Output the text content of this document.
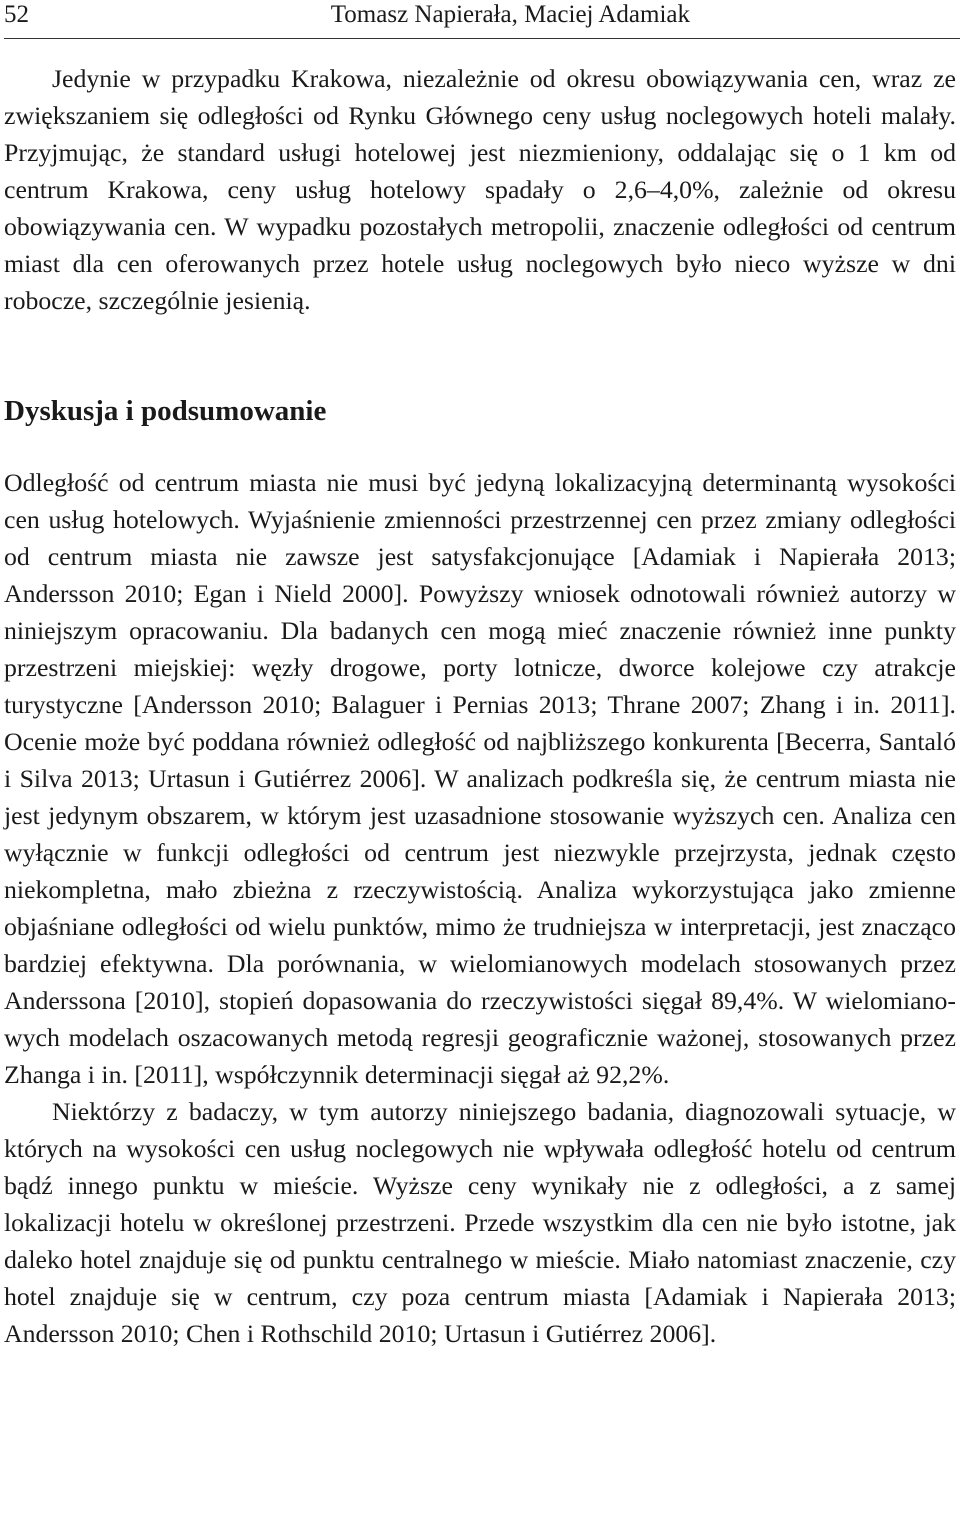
52	Tomasz Napierała, Maciej Adamiak

Jedynie w przypadku Krakowa, niezależnie od okresu obowiązywania cen, wraz ze zwiększaniem się odległości od Rynku Głównego ceny usług noclegowych hoteli malały. Przyjmując, że standard usługi hotelowej jest niezmieniony, oddalając się o 1 km od centrum Krakowa, ceny usług hotelowy spadały o 2,6–4,0%, zależnie od okresu obowiązywania cen. W wypadku pozostałych metropolii, znaczenie odległości od centrum miast dla cen oferowanych przez hotele usług noclegowych było nieco wyższe w dni robocze, szczególnie jesienią.

Dyskusja i podsumowanie

Odległość od centrum miasta nie musi być jedyną lokalizacyjną determinantą wysokości cen usług hotelowych. Wyjaśnienie zmienności przestrzennej cen przez zmiany odległości od centrum miasta nie zawsze jest satysfakcjonujące [Adamiak i Napierała 2013; Andersson 2010; Egan i Nield 2000]. Powyższy wniosek odnotowali również autorzy w niniejszym opracowaniu. Dla badanych cen mogą mieć znaczenie również inne punkty przestrzeni miejskiej: węzły drogowe, porty lotnicze, dworce kolejowe czy atrakcje turystyczne [Andersson 2010; Balaguer i Pernias 2013; Thrane 2007; Zhang i in. 2011]. Ocenie może być poddana również odległość od najbliższego konkurenta [Becerra, Santaló i Silva 2013; Urtasun i Gutiérrez 2006]. W analizach podkreśla się, że centrum miasta nie jest jedynym obszarem, w którym jest uzasadnione stosowanie wyższych cen. Analiza cen wyłącznie w funkcji odległości od centrum jest niezwykle przejrzysta, jednak często niekompletna, mało zbieżna z rzeczywistością. Analiza wykorzystująca jako zmienne objaśniane odległości od wielu punktów, mimo że trudniejsza w interpretacji, jest znacząco bardziej efektywna. Dla porównania, w wielomianowych modelach stosowanych przez Anderssona [2010], stopień dopasowania do rzeczywistości sięgał 89,4%. W wielomianowych modelach oszacowanych metodą regresji geograficznie ważonej, stosowanych przez Zhanga i in. [2011], współczynnik determinacji sięgał aż 92,2%.

Niektórzy z badaczy, w tym autorzy niniejszego badania, diagnozowali sytuacje, w których na wysokości cen usług noclegowych nie wpływała odległość hotelu od centrum bądź innego punktu w mieście. Wyższe ceny wynikały nie z odległości, a z samej lokalizacji hotelu w określonej przestrzeni. Przede wszystkim dla cen nie było istotne, jak daleko hotel znajduje się od punktu centralnego w mieście. Miało natomiast znaczenie, czy hotel znajduje się w centrum, czy poza centrum miasta [Adamiak i Napierała 2013; Andersson 2010; Chen i Rothschild 2010; Urtasun i Gutiérrez 2006].
